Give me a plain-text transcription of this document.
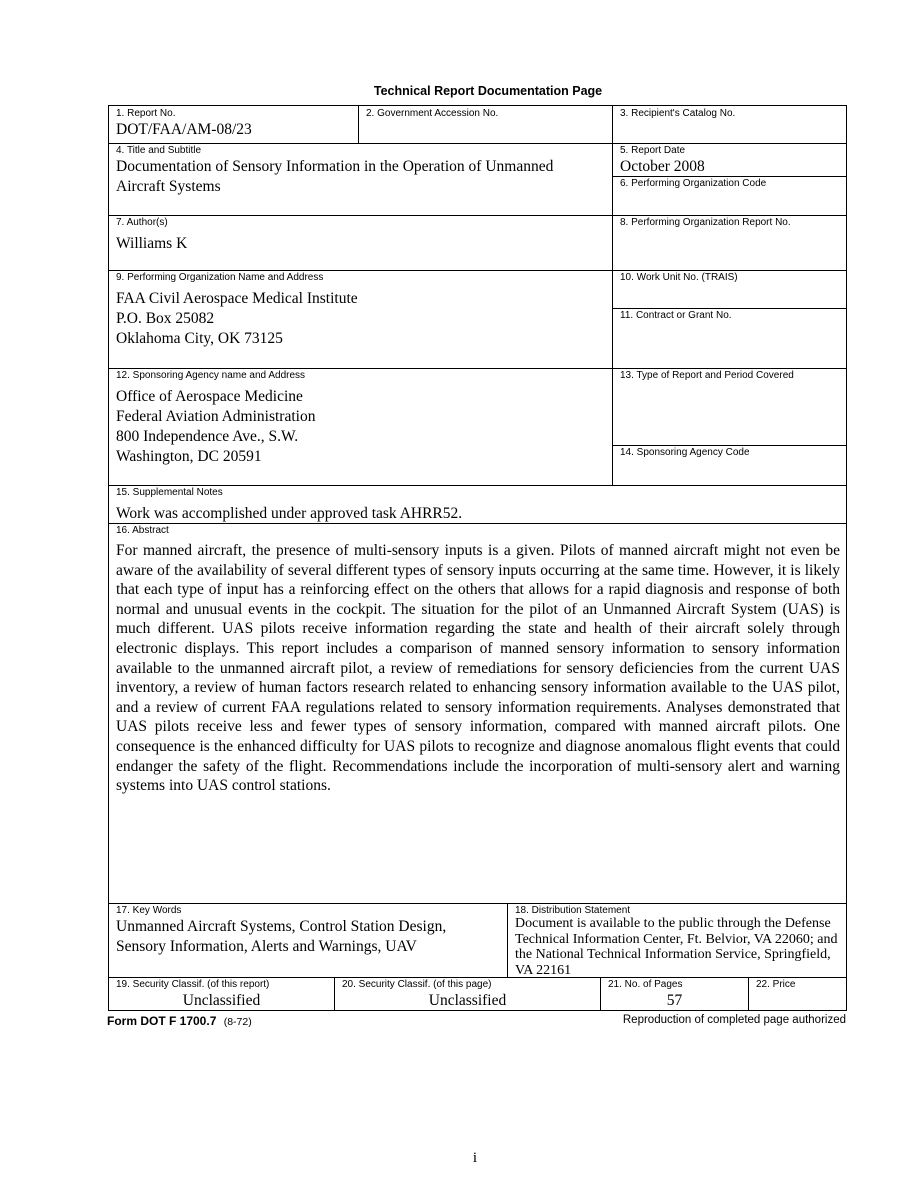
Technical Report Documentation Page
1. Report No.
DOT/FAA/AM-08/23
2. Government Accession No.	3. Recipient's Catalog No.
4. Title and Subtitle
Documentation of Sensory Information in the Operation of Unmanned
Aircraft Systems
5. Report Date
October 2008
6. Performing Organization Code
7. Author(s)
Williams K
8. Performing Organization Report No.
9. Performing Organization Name and Address
FAA Civil Aerospace Medical Institute
P.O. Box 25082
Oklahoma City, OK 73125
10. Work Unit No. (TRAIS)
11. Contract or Grant No.
12. Sponsoring Agency name and Address
Office of Aerospace Medicine
Federal Aviation Administration
800 Independence Ave., S.W.
Washington, DC 20591
13. Type of Report and Period Covered
14. Sponsoring Agency Code
15. Supplemental Notes
Work was accomplished under approved task AHRR52.
16. Abstract
For manned aircraft, the presence of multi-sensory inputs is a given. Pilots of manned aircraft might not even be aware of the availability of several different types of sensory inputs occurring at the same time. However, it is likely that each type of input has a reinforcing effect on the others that allows for a rapid diagnosis and response of both normal and unusual events in the cockpit. The situation for the pilot of an Unmanned Aircraft System (UAS) is much different. UAS pilots receive information regarding the state and health of their aircraft solely through electronic displays. This report includes a comparison of manned sensory information to sensory information available to the unmanned aircraft pilot, a review of remediations for sensory deficiencies from the current UAS inventory, a review of human factors research related to enhancing sensory information available to the UAS pilot, and a review of current FAA regulations related to sensory information requirements. Analyses demonstrated that UAS pilots receive less and fewer types of sensory information, compared with manned aircraft pilots. One consequence is the enhanced difficulty for UAS pilots to recognize and diagnose anomalous flight events that could endanger the safety of the flight. Recommendations include the incorporation of multi-sensory alert and warning systems into UAS control stations.
17. Key Words
Unmanned Aircraft Systems, Control Station Design,
Sensory Information, Alerts and Warnings, UAV
18. Distribution Statement
Document is available to the public through the Defense Technical Information Center, Ft. Belvior, VA 22060; and the National Technical Information Service, Springfield, VA 22161
19. Security Classif. (of this report)
Unclassified
20. Security Classif. (of this page)
Unclassified
21. No. of Pages
57
22. Price
Form DOT F 1700.7 (8-72)	Reproduction of completed page authorized
i
